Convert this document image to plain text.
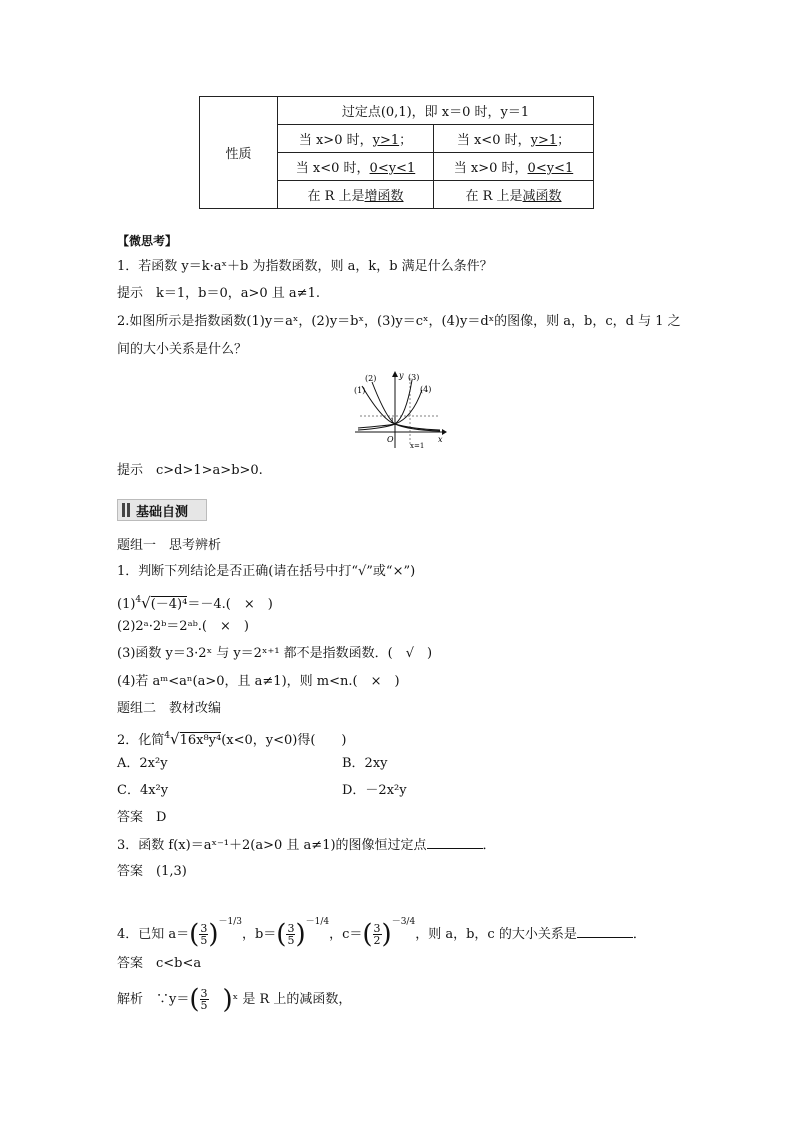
性质	过定点(0,1)，即 x＝0 时，y＝1	
	当 x>0 时，y>1；	当 x<0 时，y>1；
	当 x<0 时，0<y<1	当 x>0 时，0<y<1
	在 R 上是增函数	在 R 上是减函数
【微思考】
1．若函数 y＝k·aˣ＋b 为指数函数，则 a，k，b 满足什么条件？
提示　k＝1，b＝0，a>0 且 a≠1.
2.如图所示是指数函数(1)y＝aˣ，(2)y＝bˣ，(3)y＝cˣ，(4)y＝dˣ的图像，则 a，b，c，d 与 1 之
间的大小关系是什么？
(1)
(2)	(3)
(4)
y
x
O
1
x=1
提示　c>d>1>a>b>0.
基础自测
题组一　思考辨析
1．判断下列结论是否正确(请在括号中打“√”或“×”)
$(1)^4√(-4)^4=-4$.(　×　)
(2)2ᵃ·2ᵇ＝2ᵃᵇ.(　×　)
(3)函数 y＝3·2ˣ 与 y＝2ˣ⁺¹ 都不是指数函数．(　√　)
(4)若 aᵐ<aⁿ(a>0，且 a≠1)，则 m<n.(　×　)
题组二　教材改编
2．化简$^4$√16x⁸y⁴(x<0，y<0)得(　　)
A．2x²y	B．2xy
C．4x²y	D．－2x²y
答案　D
3．函数 f(x)＝aˣ⁻¹＋2(a>0 且 a≠1)的图像恒过定点	．
答案　(1,3)
4．已知 $a=( \frac{3}{5} )^{-1/3}$，$b=( \frac{3}{5} )^{-1/4}$，$c=( \frac{3}{2} )^{-3/4}$，则 a，b，c 的大小关系是	．
答案　c<b<a
解析　∵y＝( $\frac{3}{5}$ )ˣ 是 R 上的减函数，
